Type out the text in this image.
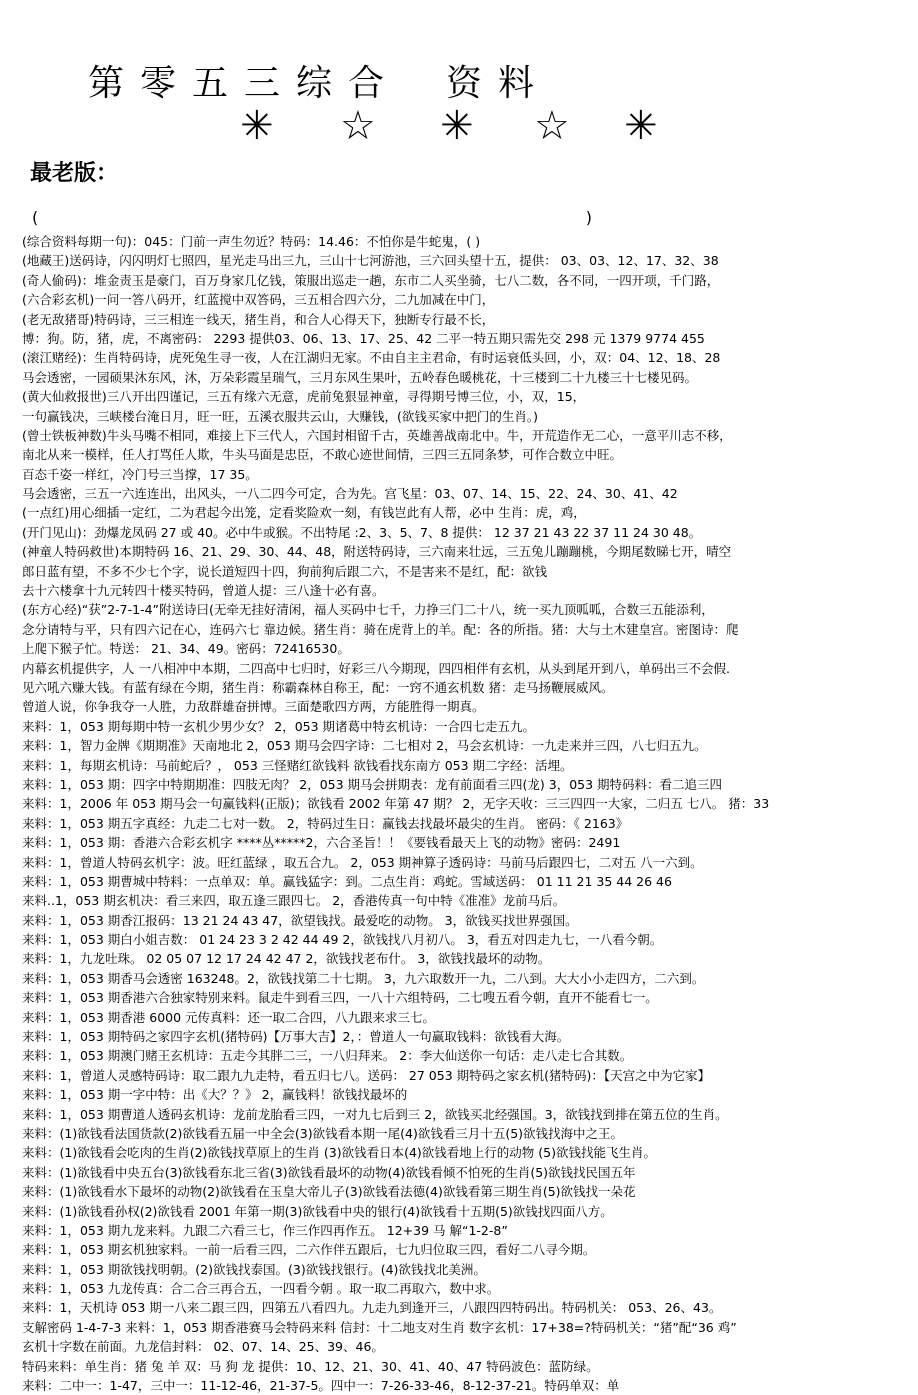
第零五三综合 资料
✳ ☆ ✳ ☆ ✳
最老版：
(	)
(综合资料每期一句)：045：门前一声生勿近？特码：14.46：不怕你是牛蛇鬼，( )
(地藏王)送码诗，闪闪明灯七照四，星光走马出三九，三山十七河游池，三六回头望十五，提供： 03、03、12、17、32、38
(奇人偷码)：堆金责玉是豪门，百万身家几亿钱，策服出巡走一趟，东市二人买坐骑，七八二数，各不同，一四开项，千门路，
(六合彩玄机)一问一答八码开，红蓝搅中双答码，三五相合四六分，二九加减在中门，
(老无敌猪哥)特码诗，三三相连一线天，猪生肖，和合人心得天下，独断专行最不长，
博：狗。防，猪，虎，不离密码： 2293 提供03、06、13、17、25、42 二平一特五期只需先交 298 元 1379 9774 455
(滚江赌经)：生肖特码诗，虎死兔生寻一夜，人在江湖归无家。不由自主主君命，有时运衰低头回，小，双：04、12、18、28
马会透密，一园硕果沐东风，沐，万朵彩霞呈瑞气，三月东风生果叶，五岭春色暖桃花，十三楼到二十九楼三十七楼见码。
(黄大仙救报世)三八开出四谨记，三五有缘六无意，虎前兔狠显神童，寻得期号博三位，小，双，15，
一句赢钱决，三峡楼台淹日月，旺一旺，五溪衣服共云山，大赚钱，(欲钱买家中把门的生肖。)
(曾士铁板神数)牛头马嘴不相同，难接上下三代人，六国封相留千古，英雄善战南北中。牛，开荒造作无二心，一意平川志不移，
南北从来一模样，任人打骂任人欺，牛头马面是忠臣，不敢心迹世间情，三四三五同条梦，可作合数立中旺。
百态千姿一样红，冷门号三当撑，17 35。
马会透密，三五一六连连出，出风头，一八二四今可定，合为先。宫飞星：03、07、14、15、22、24、30、41、42
(一点红)用心细插一定红，二为君起今出笼，定看奖险欢一刻，有钱岂此有人帮，必中 生肖：虎，鸡，
(开门见山)：劲爆龙凤码 27 或 40。必中牛或猴。不出特尾 :2、3、5、7、8 提供： 12 37 21 43 22 37 11 24 30 48。
(神童人特码救世)本期特码 16、21、29、30、44、48，附送特码诗，三六南来壮远，三五兔儿蹦蹦桃，今期尾数睇七开，晴空
郎日蓝有望，不多不少七个字，说长道短四十四，狗前狗后跟二六，不是害来不是红，配：欲钱
去十六楼拿十九元转四十楼买特码，曾道人提：三八逢十必有喜。
(东方心经)“获”2-7-1-4”附送诗曰(无牵无挂好清闲，福人买码中七千，力挣三门二十八，统一买九顶呱呱，合数三五能添利，
念分请特与平，只有四六记在心，连码六七 靠边候。猪生肖：骑在虎背上的羊。配：各的所指。猪：大与土木建皇宫。密图诗：爬
上爬下猴子忙。特送： 21、34、49。密码：72416530。
内幕玄机提供字，人 一八相冲中本期，二四高中七归时，好彩三八今期现，四四相伴有玄机，从头到尾开到八，单码出三不会假.
见六吼六赚大钱。有蓝有绿在今期，猪生肖：称霸森林自称王，配：一窍不通玄机数 猪：走马扬鞭展威风。
曾道人说，你争我夺一人胜，力敌群雄奋拼博。三面楚歌四方两，方能胜得一期真。
来料：1，053 期每期中特一玄机少男少女？ 2，053 期诸葛中特玄机诗：一合四七走五九。
来料：1，智力金牌《期期准》天南地北 2，053 期马会四字诗：二七相对 2，马会玄机诗：一九走来并三四，八七归五九。
来料：1，每期玄机诗：马前蛇后？， 053 三怪赌红欲钱料 欲钱看找东南方 053 期二字经：活埋。
来料：1，053 期：四字中特期期准：四肢无肉？ 2，053 期马会拼期表：龙有前面看三四(龙) 3，053 期特码料：看二追三四
来料：1，2006 年 053 期马会一句赢钱料(正版)；欲钱看 2002 年第 47 期？ 2，无字天收：三三四四一大家，二归五 七八。 猪：33
来料：1，053 期五字真经：九走二七对一数。 2，特码过生日：赢钱去找最坏最尖的生肖。 密码：《 2163》
来料：1，053 期：香港六合彩玄机字 ****丛*****2，六合圣旨！！《要钱看最天上飞的动物》密码：2491
来料：1，曾道人特码玄机字：波。旺红蓝绿 ，取五合九。 2，053 期神算子透码诗：马前马后跟四七，二对五 八一六到。
来料：1，053 期曹城中特料：一点单双：单。赢钱猛字：到。二点生肖：鸡蛇。雪域送码： 01 11 21 35 44 26 46
来料..1，053 期玄机决：看三来四，取五逢三跟四七。 2，香港传真一句中特《准准》龙前马后。
来料：1，053 期香江报码：13 21 24 43 47，欲望钱找。最爱吃的动物。 3，欲钱买找世界强国。
来料：1，053 期白小姐吉数： 01 24 23 3 2 42 44 49 2，欲钱找八月初八。 3，看五对四走九七，一八看今朝。
来料：1，九龙吐珠。 02 05 07 12 17 24 42 47 2，欲钱找老布什。 3，欲钱找最坏的动物。
来料：1，053 期香马会透密 163248。2，欲钱找第二十七期。 3，九六取数开一九，二八到。大大小小走四方，二六到。
来料：1，053 期香港六合独家特别来料。鼠走牛到看三四，一八十六组特码，二七嗖五看今朝，直开不能看七一。
来料：1，053 期香港 6000 元传真料：还一取二合四，八九跟来求三七。
来料：1，053 期特码之家四字玄机(猪特码)【万事大吉】2，：曾道人一句赢取钱料：欲钱看大海。
来料：1，053 期澳门赌王玄机诗：五走今其胖二三，一八归拜来。 2：李大仙送你一句话：走八走七合其数。
来料：1，曾道人灵感特码诗：取二跟九九走特，看五归七八。送码： 27 053 期特码之家玄机(猪特码)：【天宫之中为它家】
来料：1，053 期一字中特：出《大？？》 2，赢钱料！欲钱找最坏的
来料：1，053 期曹道人透码玄机诗：龙前龙胎看三四，一对九七后到三 2，欲钱买北经强国。3，欲钱找到排在第五位的生肖。
来料：(1)欲钱看法国货款(2)欲钱看五届一中全会(3)欲钱看本期一尾(4)欲钱看三月十五(5)欲钱找海中之王。
来料：(1)欲钱看会吃肉的生肖(2)欲钱找草原上的生肖 (3)欲钱看日本(4)欲钱看地上行的动物 (5)欲钱找能飞生肖。
来料：(1)欲钱看中央五台(3)欲钱看东北三省(3)欲钱看最坏的动物(4)欲钱看倾不怕死的生肖(5)欲钱找民国五年
来料：(1)欲钱看水下最坏的动物(2)欲钱看在玉皇大帝儿子(3)欲钱看法德(4)欲钱看第三期生肖(5)欲钱找一朵花
来料：(1)欲钱看孙权(2)欲钱看 2001 年第一期(3)欲钱看中央的银行(4)欲钱看十五期(5)欲钱找四面八方。
来料：1，053 期九龙来料。九跟二六看三七，作三作四再作五。 12+39 马 解“1-2-8”
来料：1，053 期玄机独家料。一前一后看三四，二六作伴五跟后，七九归位取三四，看好二八寻今期。
来料：1，053 期欲钱找明朝。(2)欲钱找泰国。(3)欲钱找银行。(4)欲钱找北美洲。
来料：1，053 九龙传真：合二合三再合五，一四看今朝 。取一取二再取六，数中求。
来料：1，天机诗 053 期一八来二跟三四，四第五八看四九。九走九到逢开三，八跟四四特码出。特码机关： 053、26、43。
支解密码 1-4-7-3 来料：1，053 期香港赛马会特码来料 信封：十二地支对生肖 数字玄机：17+38=?特码机关：“猪”配“36 鸡”
玄机十字数在前面。九龙信封料： 02、07、14、25、39、46。
特码来料：单生肖：猪 兔 羊 双：马 狗 龙 提供：10、12、21、30、41、40、47 特码波色：蓝防绿。
来料：二中一：1-47，三中一：11-12-46，21-37-5。四中一：7-26-33-46，8-12-37-21。特码单双：单
